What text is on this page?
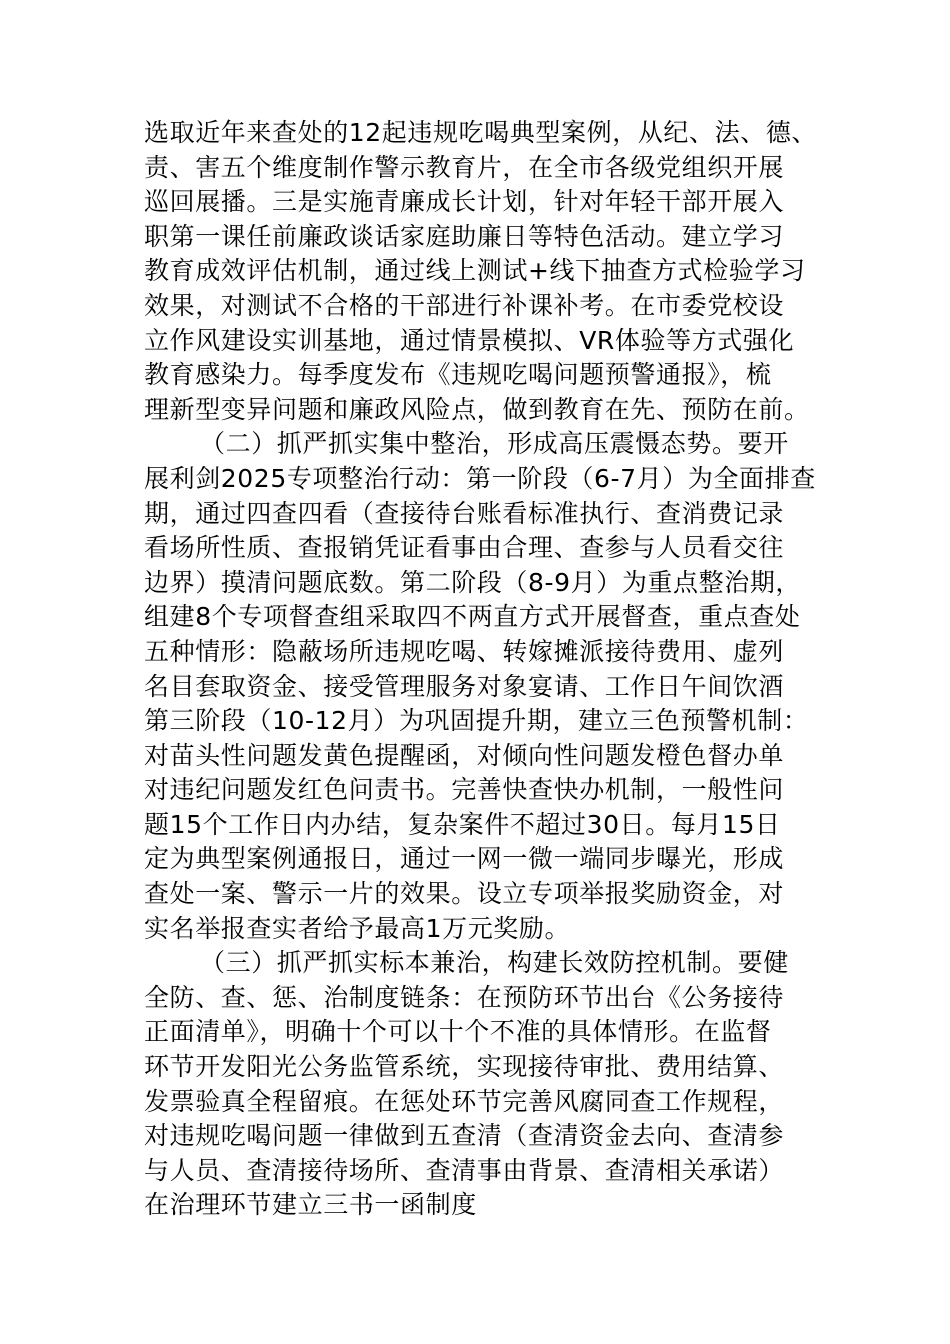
选取近年来查处的12起违规吃喝典型案例，从纪、法、德、
责、害五个维度制作警示教育片，在全市各级党组织开展
巡回展播。三是实施青廉成长计划，针对年轻干部开展入
职第一课任前廉政谈话家庭助廉日等特色活动。建立学习
教育成效评估机制，通过线上测试+线下抽查方式检验学习
效果，对测试不合格的干部进行补课补考。在市委党校设
立作风建设实训基地，通过情景模拟、VR体验等方式强化
教育感染力。每季度发布《违规吃喝问题预警通报》，梳
理新型变异问题和廉政风险点，做到教育在先、预防在前。
（二）抓严抓实集中整治，形成高压震慑态势。要开
展利剑2025专项整治行动：第一阶段（6-7月）为全面排查
期，通过四查四看（查接待台账看标准执行、查消费记录
看场所性质、查报销凭证看事由合理、查参与人员看交往
边界）摸清问题底数。第二阶段（8-9月）为重点整治期，
组建8个专项督查组采取四不两直方式开展督查，重点查处
五种情形：隐蔽场所违规吃喝、转嫁摊派接待费用、虚列
名目套取资金、接受管理服务对象宴请、工作日午间饮酒
第三阶段（10-12月）为巩固提升期，建立三色预警机制：
对苗头性问题发黄色提醒函，对倾向性问题发橙色督办单
对违纪问题发红色问责书。完善快查快办机制，一般性问
题15个工作日内办结，复杂案件不超过30日。每月15日
定为典型案例通报日，通过一网一微一端同步曝光，形成
查处一案、警示一片的效果。设立专项举报奖励资金，对
实名举报查实者给予最高1万元奖励。
（三）抓严抓实标本兼治，构建长效防控机制。要健
全防、查、惩、治制度链条：在预防环节出台《公务接待
正面清单》，明确十个可以十个不准的具体情形。在监督
环节开发阳光公务监管系统，实现接待审批、费用结算、
发票验真全程留痕。在惩处环节完善风腐同查工作规程，
对违规吃喝问题一律做到五查清（查清资金去向、查清参
与人员、查清接待场所、查清事由背景、查清相关承诺）
在治理环节建立三书一函制度
